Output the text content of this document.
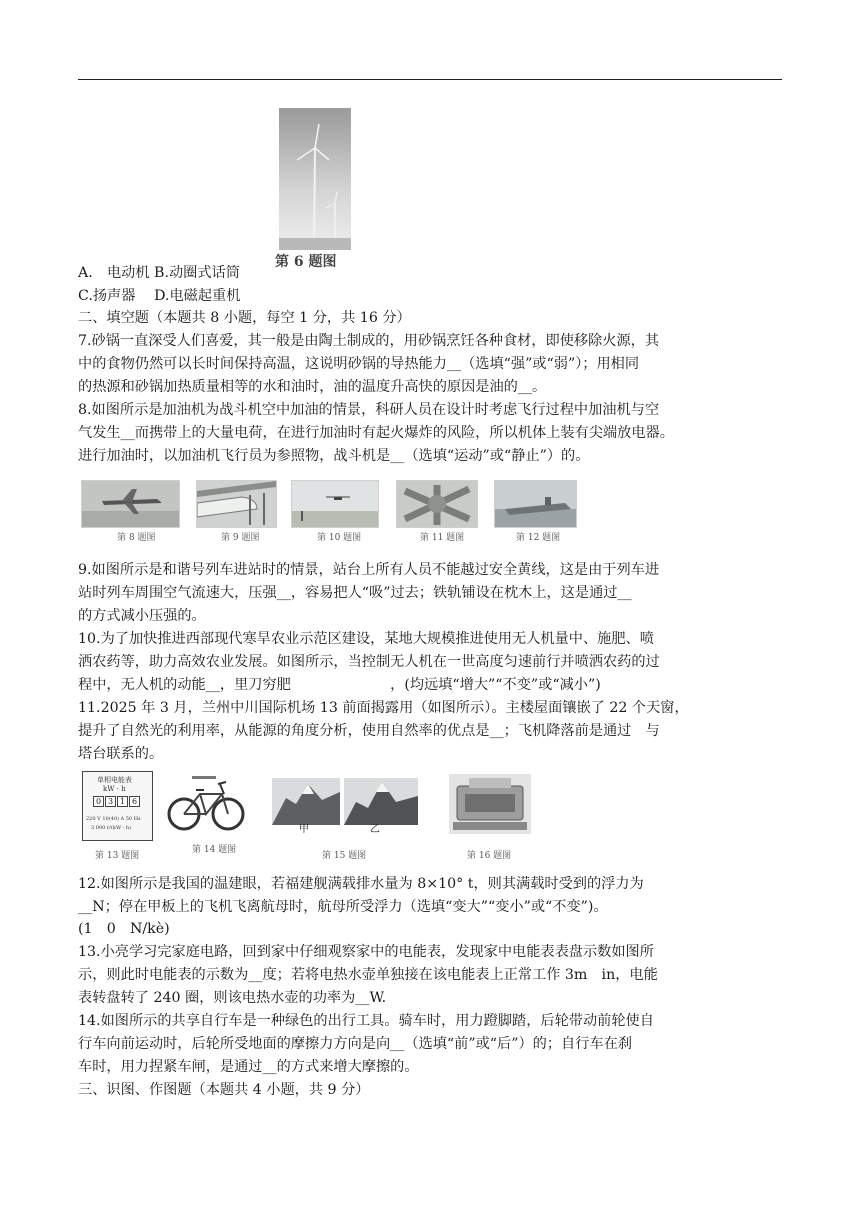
第 6 题图
A.　电动机 B.动圈式话筒
C.扬声器　 D.电磁起重机
二、填空题（本题共 8 小题，每空 1 分，共 16 分）
7.砂锅一直深受人们喜爱，其一般是由陶土制成的，用砂锅烹饪各种食材，即使移除火源，其
中的食物仍然可以长时间保持高温，这说明砂锅的导热能力__（选填“强”或“弱”）；用相同
的热源和砂锅加热质量相等的水和油时，油的温度升高快的原因是油的__。
8.如图所示是加油机为战斗机空中加油的情景，科研人员在设计时考虑飞行过程中加油机与空
气发生__而携带上的大量电荷，在进行加油时有起火爆炸的风险，所以机体上装有尖端放电器。
进行加油时，以加油机飞行员为参照物，战斗机是__（选填“运动”或“静止”）的。
第 8 题图	第 9 题图	第 10 题图	第 11 题图	第 12 题图
9.如图所示是和谐号列车进站时的情景，站台上所有人员不能越过安全黄线，这是由于列车进
站时列车周围空气流速大，压强__，容易把人“吸”过去；铁轨铺设在枕木上，这是通过__
的方式减小压强的。
10.为了加快推进西部现代寒旱农业示范区建设，某地大规模推进使用无人机量中、施肥、喷
洒农药等，助力高效农业发展。如图所示，当控制无人机在一世高度匀速前行并喷洒农药的过
程中，无人机的动能__，里刀穷肥　　　　　　　，(均远填“增大”“不变”或“减小”)
11.2025 年 3 月，兰州中川国际机场 13 前面揭露用（如图所示）。主楼屋面镶嵌了 22 个天窗，
提升了自然光的利用率，从能源的角度分析，使用自然率的优点是__；飞机降落前是通过　与
塔台联系的。
单相电能表
kW · h
0 3 1 6
220 V 10(40) A 50 Hz
3 000 r/(kW · h)	甲	乙
第 13 题图
第 14 题图
第 15 题图	第 16 题图
12.如图所示是我国的温建眼，若福建舰满载排水量为 8×10° t，则其满载时受到的浮力为
__N；停在甲板上的飞机飞离航母时，航母所受浮力（选填“变大”“变小”或“不变”)。
(1　0　N/kè)
13.小亮学习完家庭电路，回到家中仔细观察家中的电能表，发现家中电能表表盘示数如图所
示，则此时电能表的示数为__度；若将电热水壶单独接在该电能表上正常工作 3m　in，电能
表转盘转了 240 圈，则该电热水壶的功率为__W.
14.如图所示的共享自行车是一种绿色的出行工具。骑车时，用力蹬脚踏，后轮带动前轮使自
行车向前运动时，后轮所受地面的摩擦力方向是向__（选填“前”或“后”）的；自行车在刹
车时，用力捏紧车闸，是通过__的方式来增大摩擦的。
三、识图、作图题（本题共 4 小题，共 9 分）
